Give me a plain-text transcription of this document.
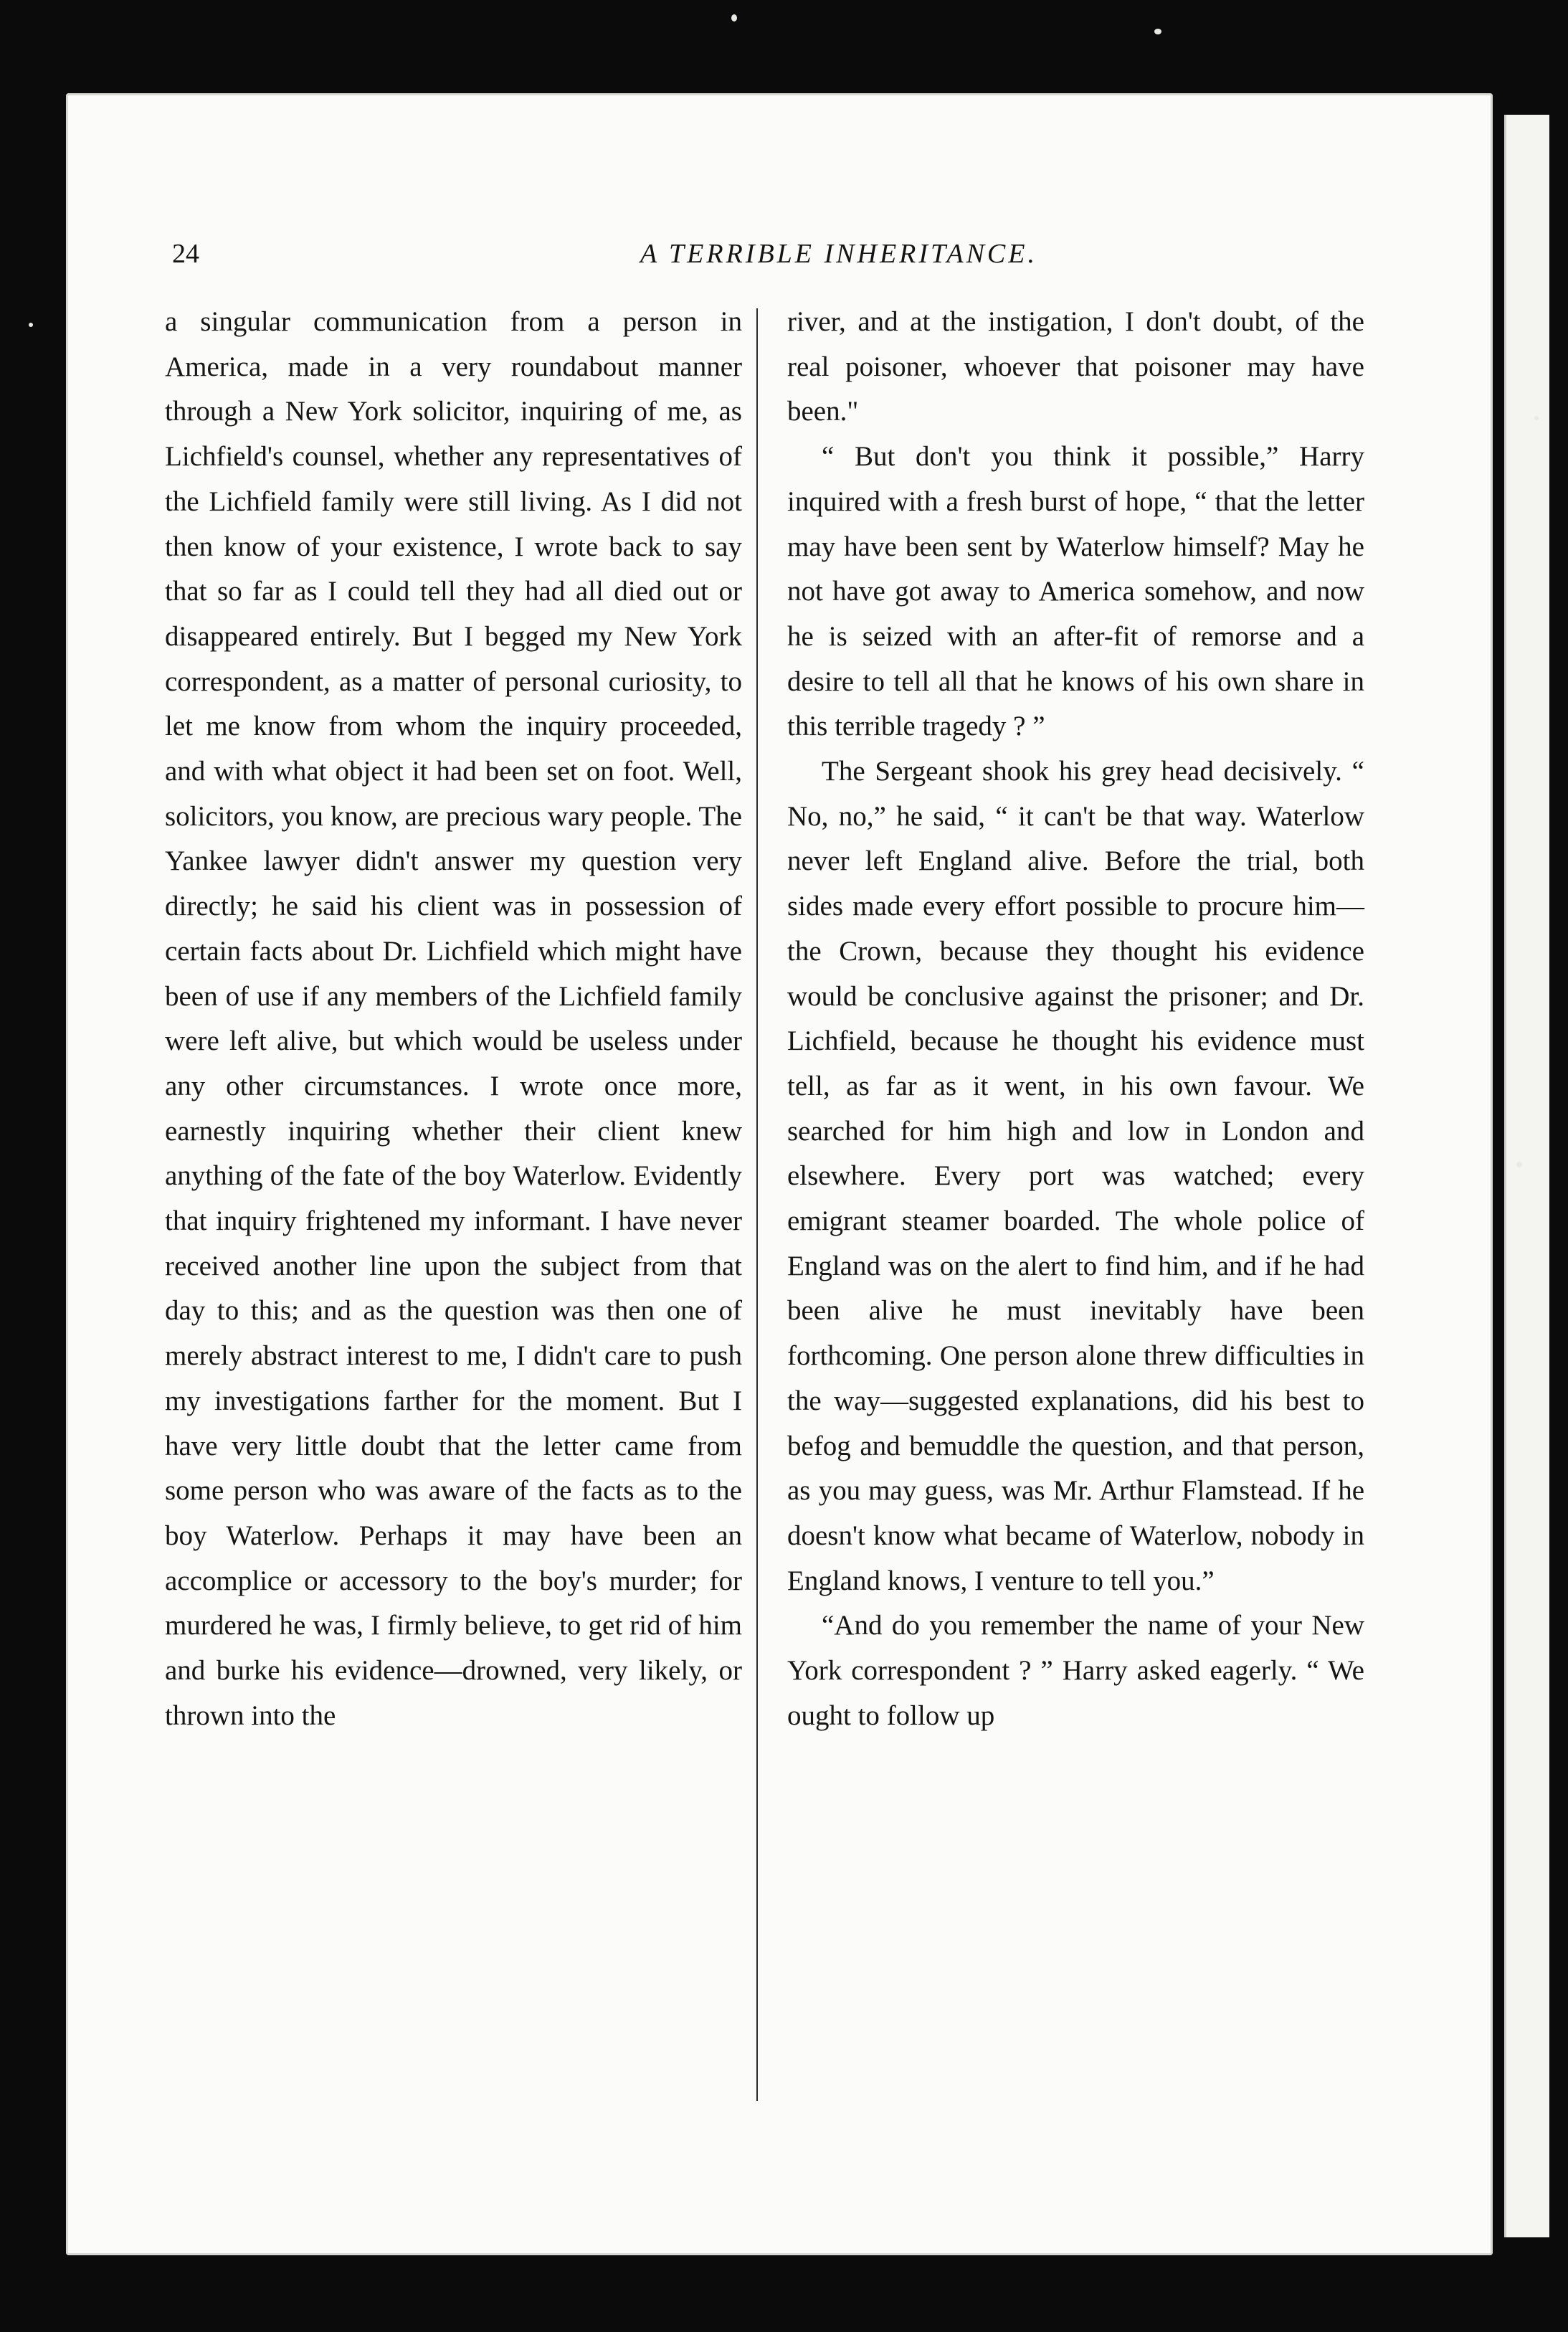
24	A TERRIBLE INHERITANCE.

a singular communication from a person in America, made in a very roundabout manner through a New York solicitor, inquiring of me, as Lichfield's counsel, whether any representatives of the Lichfield family were still living. As I did not then know of your existence, I wrote back to say that so far as I could tell they had all died out or disappeared entirely. But I begged my New York correspondent, as a matter of personal curiosity, to let me know from whom the inquiry proceeded, and with what object it had been set on foot. Well, solicitors, you know, are precious wary people. The Yankee lawyer didn't answer my question very directly; he said his client was in possession of certain facts about Dr. Lichfield which might have been of use if any members of the Lichfield family were left alive, but which would be useless under any other circumstances. I wrote once more, earnestly inquiring whether their client knew anything of the fate of the boy Waterlow. Evidently that inquiry frightened my informant. I have never received another line upon the subject from that day to this; and as the question was then one of merely abstract interest to me, I didn't care to push my investigations farther for the moment. But I have very little doubt that the letter came from some person who was aware of the facts as to the boy Waterlow. Perhaps it may have been an accomplice or accessory to the boy's murder; for murdered he was, I firmly believe, to get rid of him and burke his evidence—drowned, very likely, or thrown into the

river, and at the instigation, I don't doubt, of the real poisoner, whoever that poisoner may have been."

“ But don't you think it possible,” Harry inquired with a fresh burst of hope, “ that the letter may have been sent by Waterlow himself? May he not have got away to America somehow, and now he is seized with an after-fit of remorse and a desire to tell all that he knows of his own share in this terrible tragedy ? ”

The Sergeant shook his grey head decisively. “ No, no,” he said, “ it can't be that way. Waterlow never left England alive. Before the trial, both sides made every effort possible to procure him—the Crown, because they thought his evidence would be conclusive against the prisoner; and Dr. Lichfield, because he thought his evidence must tell, as far as it went, in his own favour. We searched for him high and low in London and elsewhere. Every port was watched; every emigrant steamer boarded. The whole police of England was on the alert to find him, and if he had been alive he must inevitably have been forthcoming. One person alone threw difficulties in the way—suggested explanations, did his best to befog and bemuddle the question, and that person, as you may guess, was Mr. Arthur Flamstead. If he doesn't know what became of Waterlow, nobody in England knows, I venture to tell you.”

“And do you remember the name of your New York correspondent ? ” Harry asked eagerly. “ We ought to follow up
